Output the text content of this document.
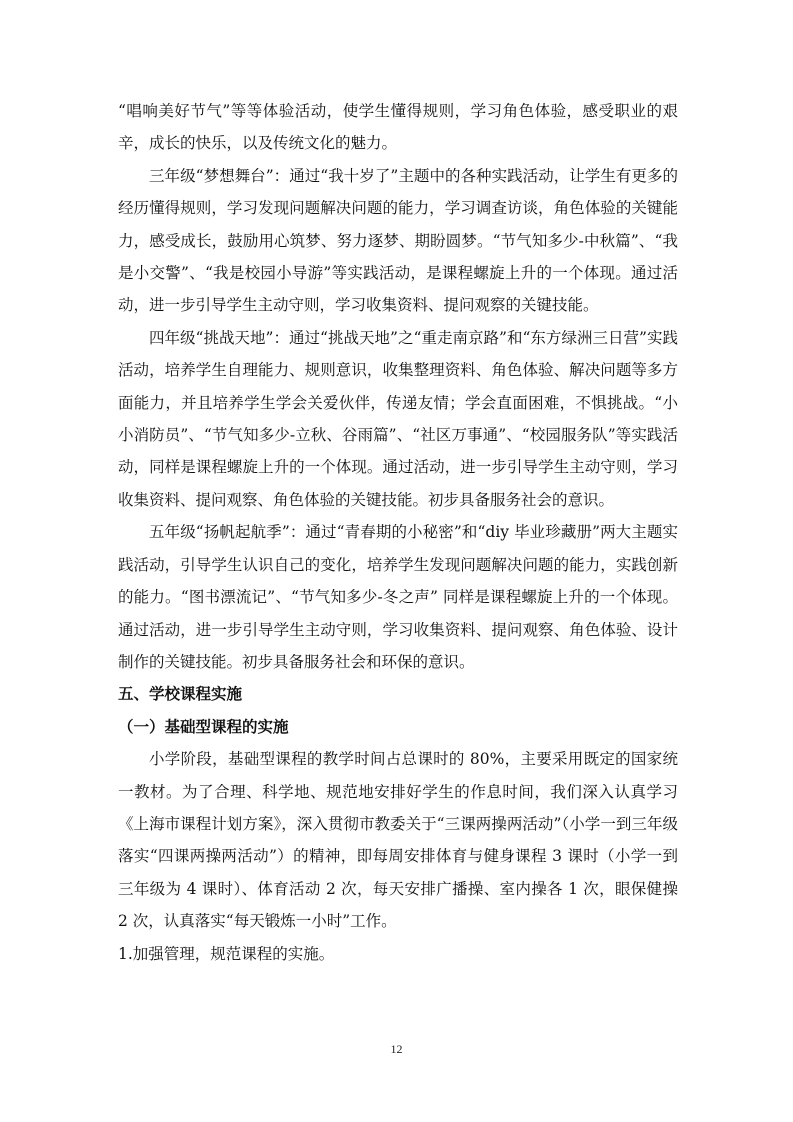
“唱响美好节气”等等体验活动，使学生懂得规则，学习角色体验，感受职业的艰辛，成长的快乐，以及传统文化的魅力。

三年级“梦想舞台”：通过“我十岁了”主题中的各种实践活动，让学生有更多的经历懂得规则，学习发现问题解决问题的能力，学习调查访谈，角色体验的关键能力，感受成长，鼓励用心筑梦、努力逐梦、期盼圆梦。“节气知多少-中秋篇”、“我是小交警”、“我是校园小导游”等实践活动，是课程螺旋上升的一个体现。通过活动，进一步引导学生主动守则，学习收集资料、提问观察的关键技能。

四年级“挑战天地”：通过“挑战天地”之“重走南京路”和“东方绿洲三日营”实践活动，培养学生自理能力、规则意识，收集整理资料、角色体验、解决问题等多方面能力，并且培养学生学会关爱伙伴，传递友情；学会直面困难，不惧挑战。“小小消防员”、“节气知多少-立秋、谷雨篇”、“社区万事通”、“校园服务队”等实践活动，同样是课程螺旋上升的一个体现。通过活动，进一步引导学生主动守则，学习收集资料、提问观察、角色体验的关键技能。初步具备服务社会的意识。

五年级“扬帆起航季”：通过“青春期的小秘密”和“diy 毕业珍藏册”两大主题实践活动，引导学生认识自己的变化，培养学生发现问题解决问题的能力，实践创新的能力。“图书漂流记”、“节气知多少-冬之声” 同样是课程螺旋上升的一个体现。通过活动，进一步引导学生主动守则，学习收集资料、提问观察、角色体验、设计制作的关键技能。初步具备服务社会和环保的意识。

五、学校课程实施

（一）基础型课程的实施

小学阶段，基础型课程的教学时间占总课时的 80%，主要采用既定的国家统一教材。为了合理、科学地、规范地安排好学生的作息时间，我们深入认真学习《上海市课程计划方案》，深入贯彻市教委关于“三课两操两活动”（小学一到三年级落实“四课两操两活动”）的精神，即每周安排体育与健身课程 3 课时（小学一到三年级为 4 课时）、体育活动 2 次，每天安排广播操、室内操各 1 次，眼保健操 2 次，认真落实“每天锻炼一小时”工作。

1.加强管理，规范课程的实施。

12
